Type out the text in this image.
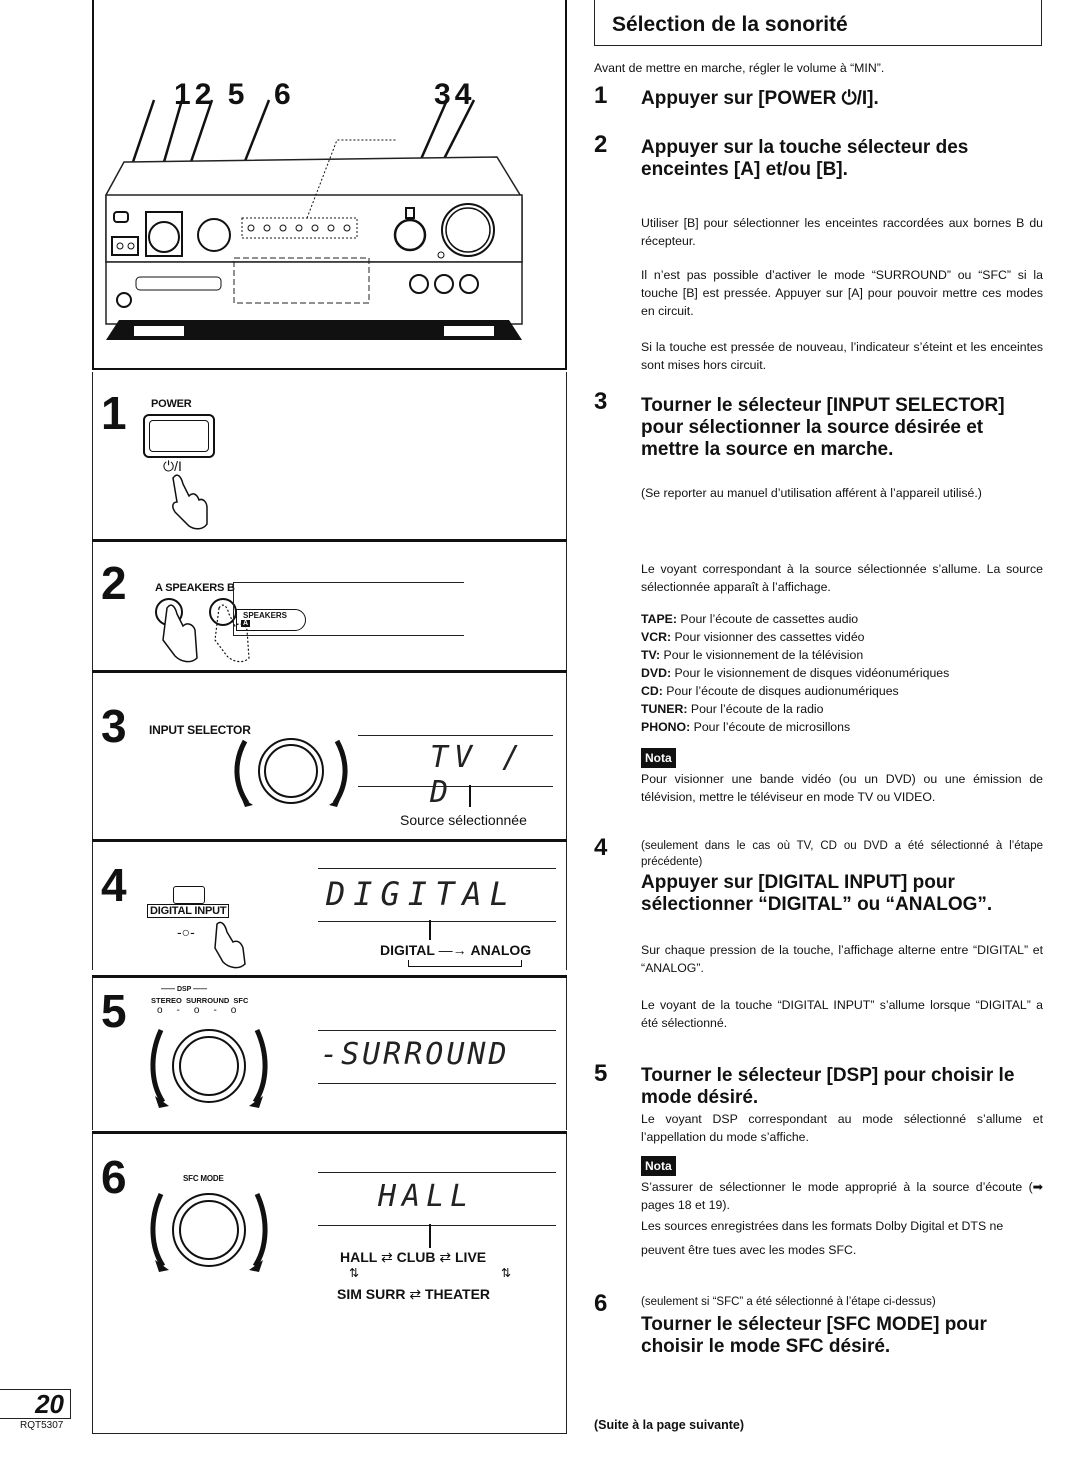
12 5 6	34
1 POWER
⏻/I
2	A SPEAKERS B
SPEAKERS
A
3 INPUT SELECTOR
TV / D
Source sélectionnée
4 DIGITAL INPUT
-○-
DIGITAL
DIGITAL —→ ANALOG
5	—— DSP ——
STEREO SURROUND SFC
o-o-o
-SURROUND
6	SFC MODE
HALL
HALL ⇄ CLUB ⇄ LIVE
⇅	⇅
SIM SURR ⇄ THEATER
20
RQT5307
Sélection de la sonorité
Avant de mettre en marche, régler le volume à “MIN”.
1 Appuyer sur [POWER ⏻/I].
2 Appuyer sur la touche sélecteur des enceintes [A] et/ou [B].
Utiliser [B] pour sélectionner les enceintes raccordées aux bornes B du récepteur.
Il n’est pas possible d’activer le mode “SURROUND” ou “SFC” si la touche [B] est pressée. Appuyer sur [A] pour pouvoir mettre ces modes en circuit.
Si la touche est pressée de nouveau, l’indicateur s’éteint et les enceintes sont mises hors circuit.
3 Tourner le sélecteur [INPUT SELECTOR] pour sélectionner la source désirée et mettre la source en marche.
(Se reporter au manuel d’utilisation afférent à l’appareil utilisé.)
Le voyant correspondant à la source sélectionnée s’allume. La source sélectionnée apparaît à l’affichage.
TAPE: Pour l’écoute de cassettes audio
VCR: Pour visionner des cassettes vidéo
TV: Pour le visionnement de la télévision
DVD: Pour le visionnement de disques vidéonumériques
CD: Pour l’écoute de disques audionumériques
TUNER: Pour l’écoute de la radio
PHONO: Pour l’écoute de microsillons
Nota
Pour visionner une bande vidéo (ou un DVD) ou une émission de télévision, mettre le téléviseur en mode TV ou VIDEO.
4	(seulement dans le cas où TV, CD ou DVD a été sélectionné à l’étape précédente)
Appuyer sur [DIGITAL INPUT] pour sélectionner “DIGITAL” ou “ANALOG”.
Sur chaque pression de la touche, l’affichage alterne entre “DIGITAL” et “ANALOG”.
Le voyant de la touche “DIGITAL INPUT” s’allume lorsque “DIGITAL” a été sélectionné.
5 Tourner le sélecteur [DSP] pour choisir le mode désiré.
Le voyant DSP correspondant au mode sélectionné s’allume et l’appellation du mode s’affiche.
Nota
S’assurer de sélectionner le mode approprié à la source d’écoute (➡ pages 18 et 19).
Les sources enregistrées dans les formats Dolby Digital et DTS ne peuvent être tues avec les modes SFC.
6	(seulement si “SFC” a été sélectionné à l’étape ci-dessus)
Tourner le sélecteur [SFC MODE] pour choisir le mode SFC désiré.
(Suite à la page suivante)
